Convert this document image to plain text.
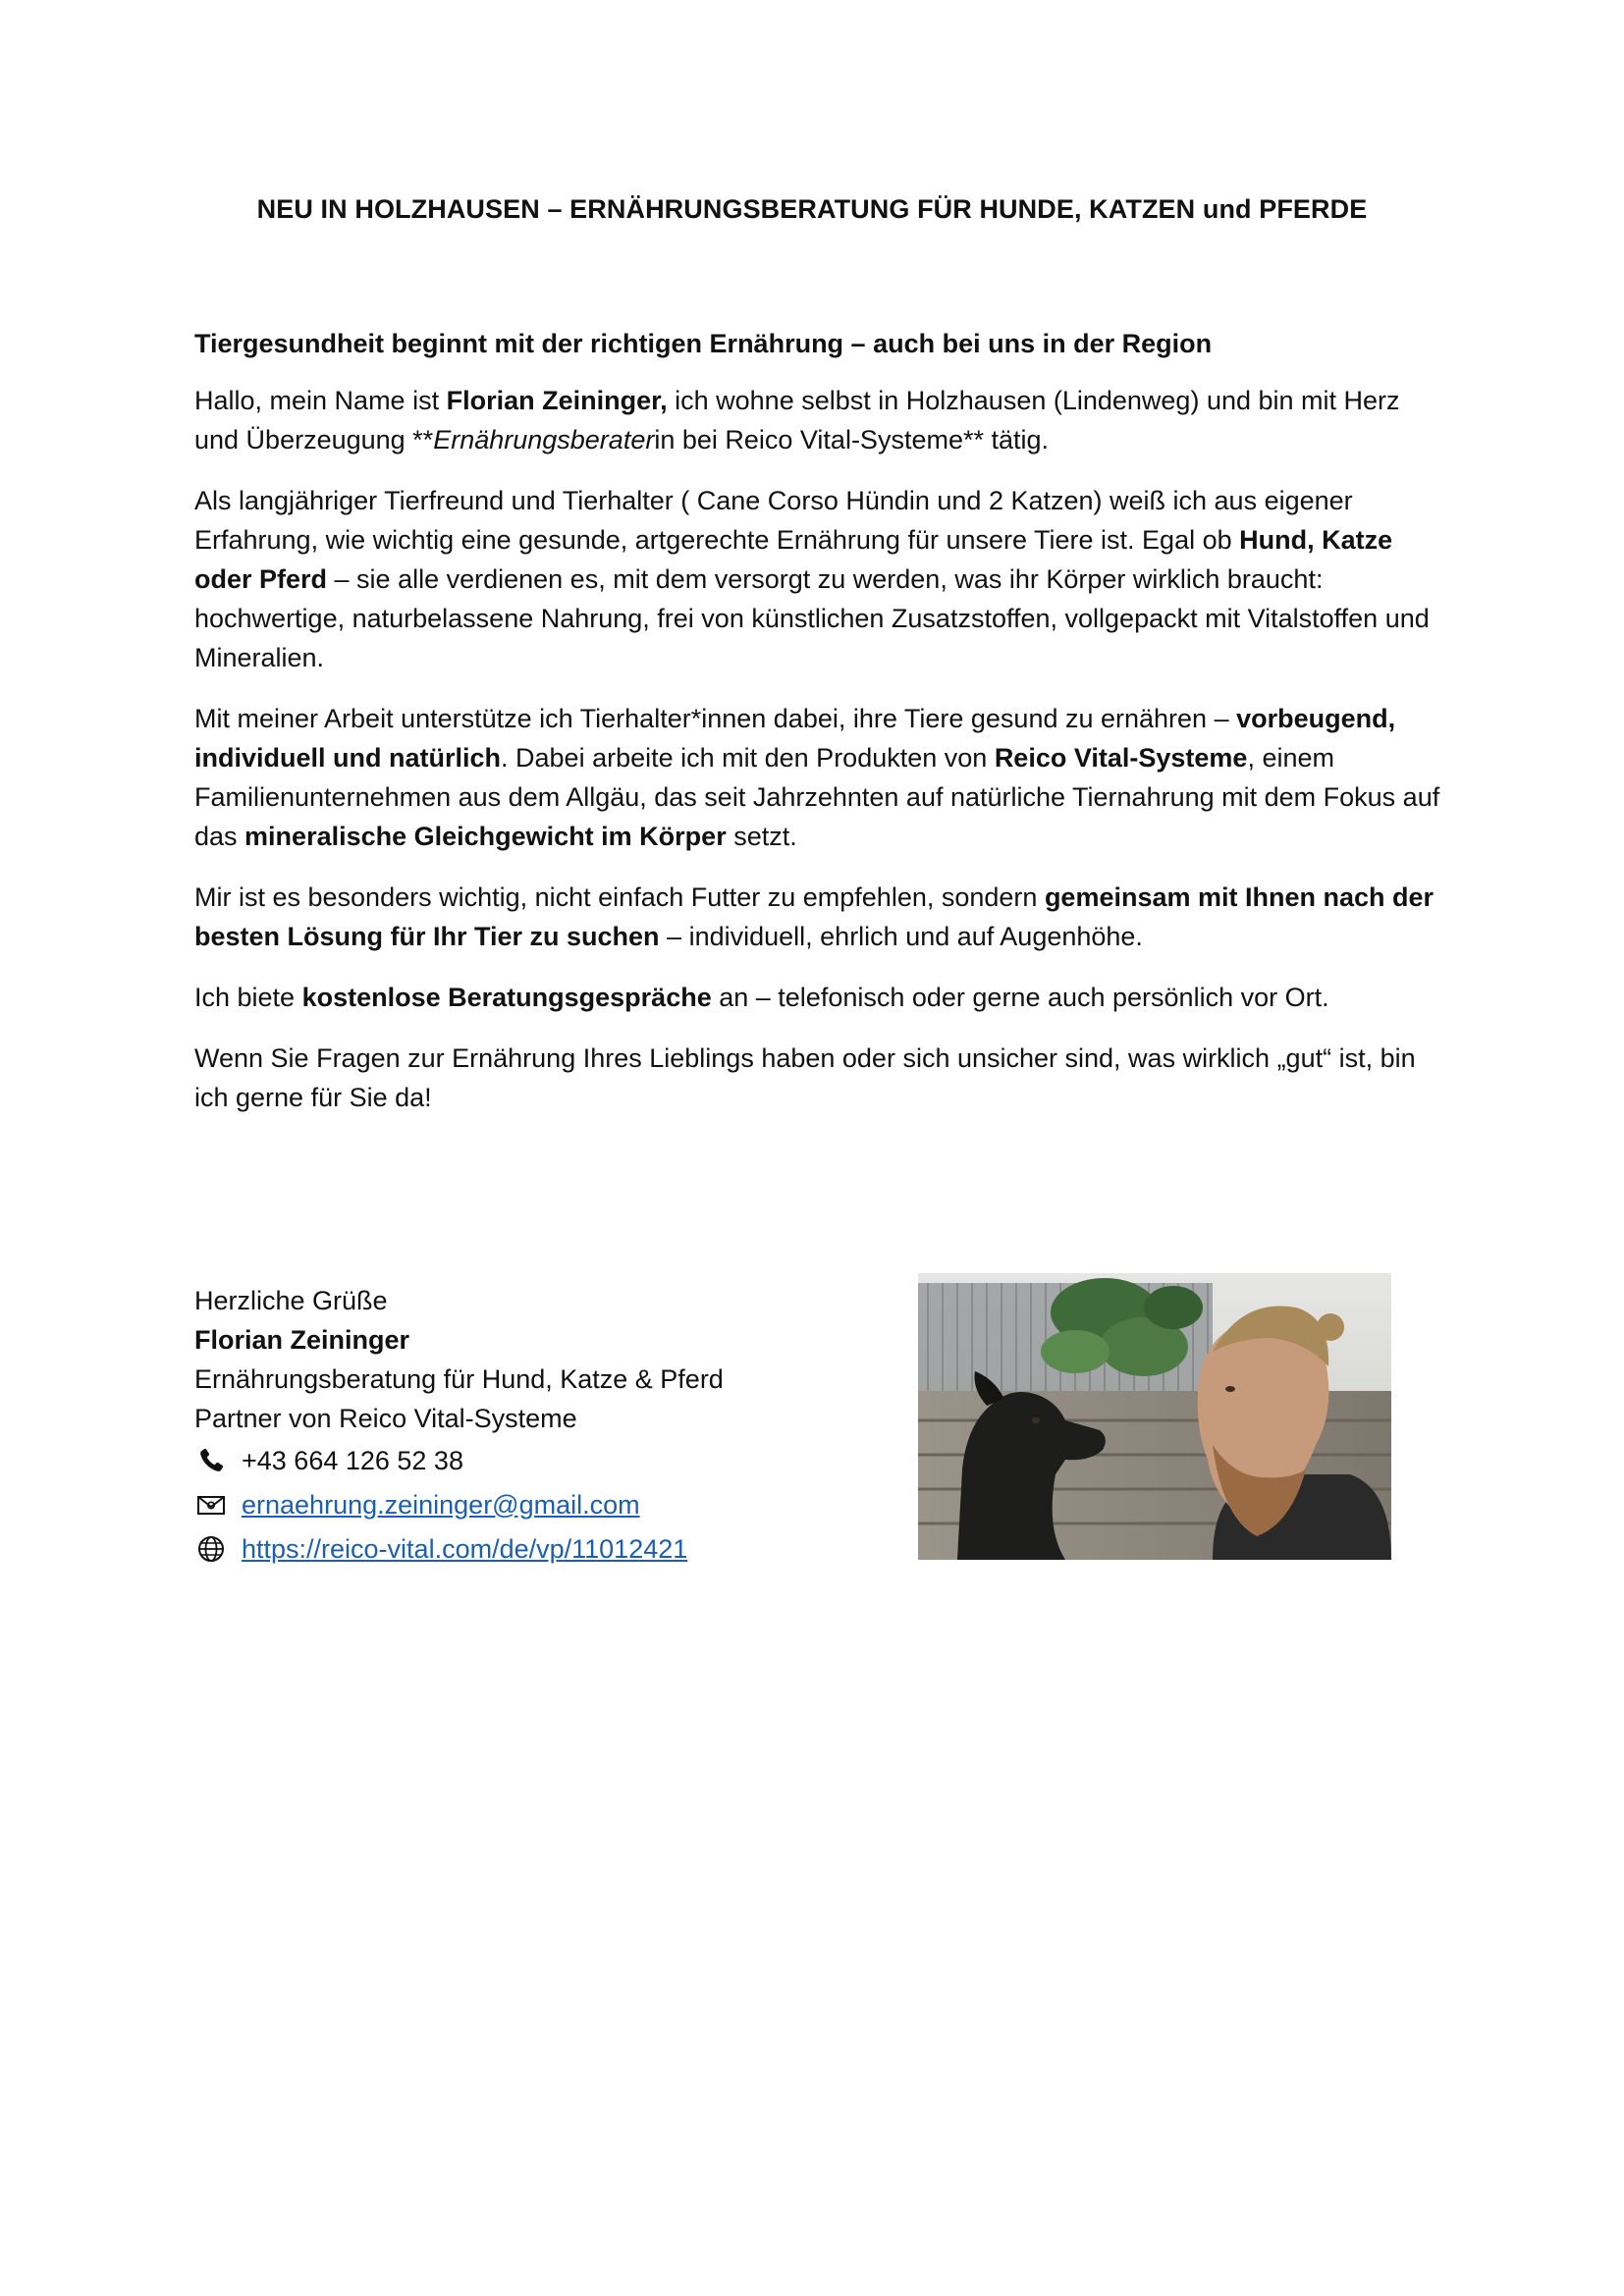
NEU IN HOLZHAUSEN – ERNÄHRUNGSBERATUNG FÜR HUNDE, KATZEN und PFERDE

Tiergesundheit beginnt mit der richtigen Ernährung – auch bei uns in der Region

Hallo, mein Name ist Florian Zeininger, ich wohne selbst in Holzhausen (Lindenweg) und bin mit Herz und Überzeugung **Ernährungsberaterin bei Reico Vital-Systeme** tätig.

Als langjähriger Tierfreund und Tierhalter ( Cane Corso Hündin und 2 Katzen) weiß ich aus eigener Erfahrung, wie wichtig eine gesunde, artgerechte Ernährung für unsere Tiere ist. Egal ob Hund, Katze oder Pferd – sie alle verdienen es, mit dem versorgt zu werden, was ihr Körper wirklich braucht: hochwertige, naturbelassene Nahrung, frei von künstlichen Zusatzstoffen, vollgepackt mit Vitalstoffen und Mineralien.

Mit meiner Arbeit unterstütze ich Tierhalter*innen dabei, ihre Tiere gesund zu ernähren – vorbeugend, individuell und natürlich. Dabei arbeite ich mit den Produkten von Reico Vital-Systeme, einem Familienunternehmen aus dem Allgäu, das seit Jahrzehnten auf natürliche Tiernahrung mit dem Fokus auf das mineralische Gleichgewicht im Körper setzt.

Mir ist es besonders wichtig, nicht einfach Futter zu empfehlen, sondern gemeinsam mit Ihnen nach der besten Lösung für Ihr Tier zu suchen – individuell, ehrlich und auf Augenhöhe.

Ich biete kostenlose Beratungsgespräche an – telefonisch oder gerne auch persönlich vor Ort.

Wenn Sie Fragen zur Ernährung Ihres Lieblings haben oder sich unsicher sind, was wirklich „gut“ ist, bin ich gerne für Sie da!

Herzliche Grüße
Florian Zeininger
Ernährungsberatung für Hund, Katze & Pferd
Partner von Reico Vital-Systeme
+43 664 126 52 38
ernaehrung.zeininger@gmail.com
https://reico-vital.com/de/vp/11012421
